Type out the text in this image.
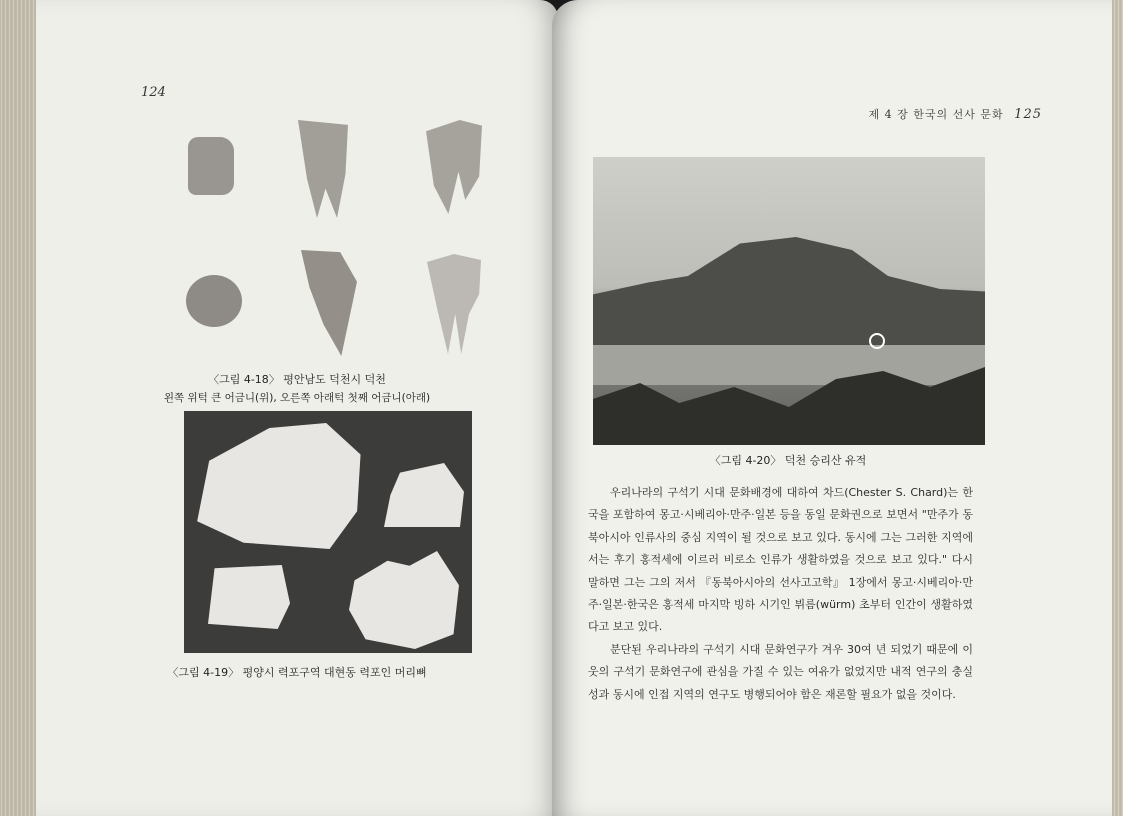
124
〈그림 4-18〉 평안남도 덕천시 덕천
왼쪽 위턱 큰 어금니(위), 오른쪽 아래턱 첫째 어금니(아래)
〈그림 4-19〉 평양시 력포구역 대현동 력포인 머리뼈
제 4 장 한국의 선사 문화 125
〈그림 4-20〉 덕천 승리산 유적

우리나라의 구석기 시대 문화배경에 대하여 차드(Chester S. Chard)는 한국을 포함하여 몽고·시베리아·만주·일본 등을 동일 문화권으로 보면서 "만주가 동북아시아 인류사의 중심 지역이 될 것으로 보고 있다. 동시에 그는 그러한 지역에서는 후기 홍적세에 이르러 비로소 인류가 생활하였을 것으로 보고 있다." 다시 말하면 그는 그의 저서 『동북아시아의 선사고고학』 1장에서 몽고·시베리아·만주·일본·한국은 홍적세 마지막 빙하 시기인 뷔름(würm) 초부터 인간이 생활하였다고 보고 있다.

분단된 우리나라의 구석기 시대 문화연구가 겨우 30여 년 되었기 때문에 이웃의 구석기 문화연구에 관심을 가질 수 있는 여유가 없었지만 내적 연구의 충실성과 동시에 인접 지역의 연구도 병행되어야 함은 재론할 필요가 없을 것이다.
